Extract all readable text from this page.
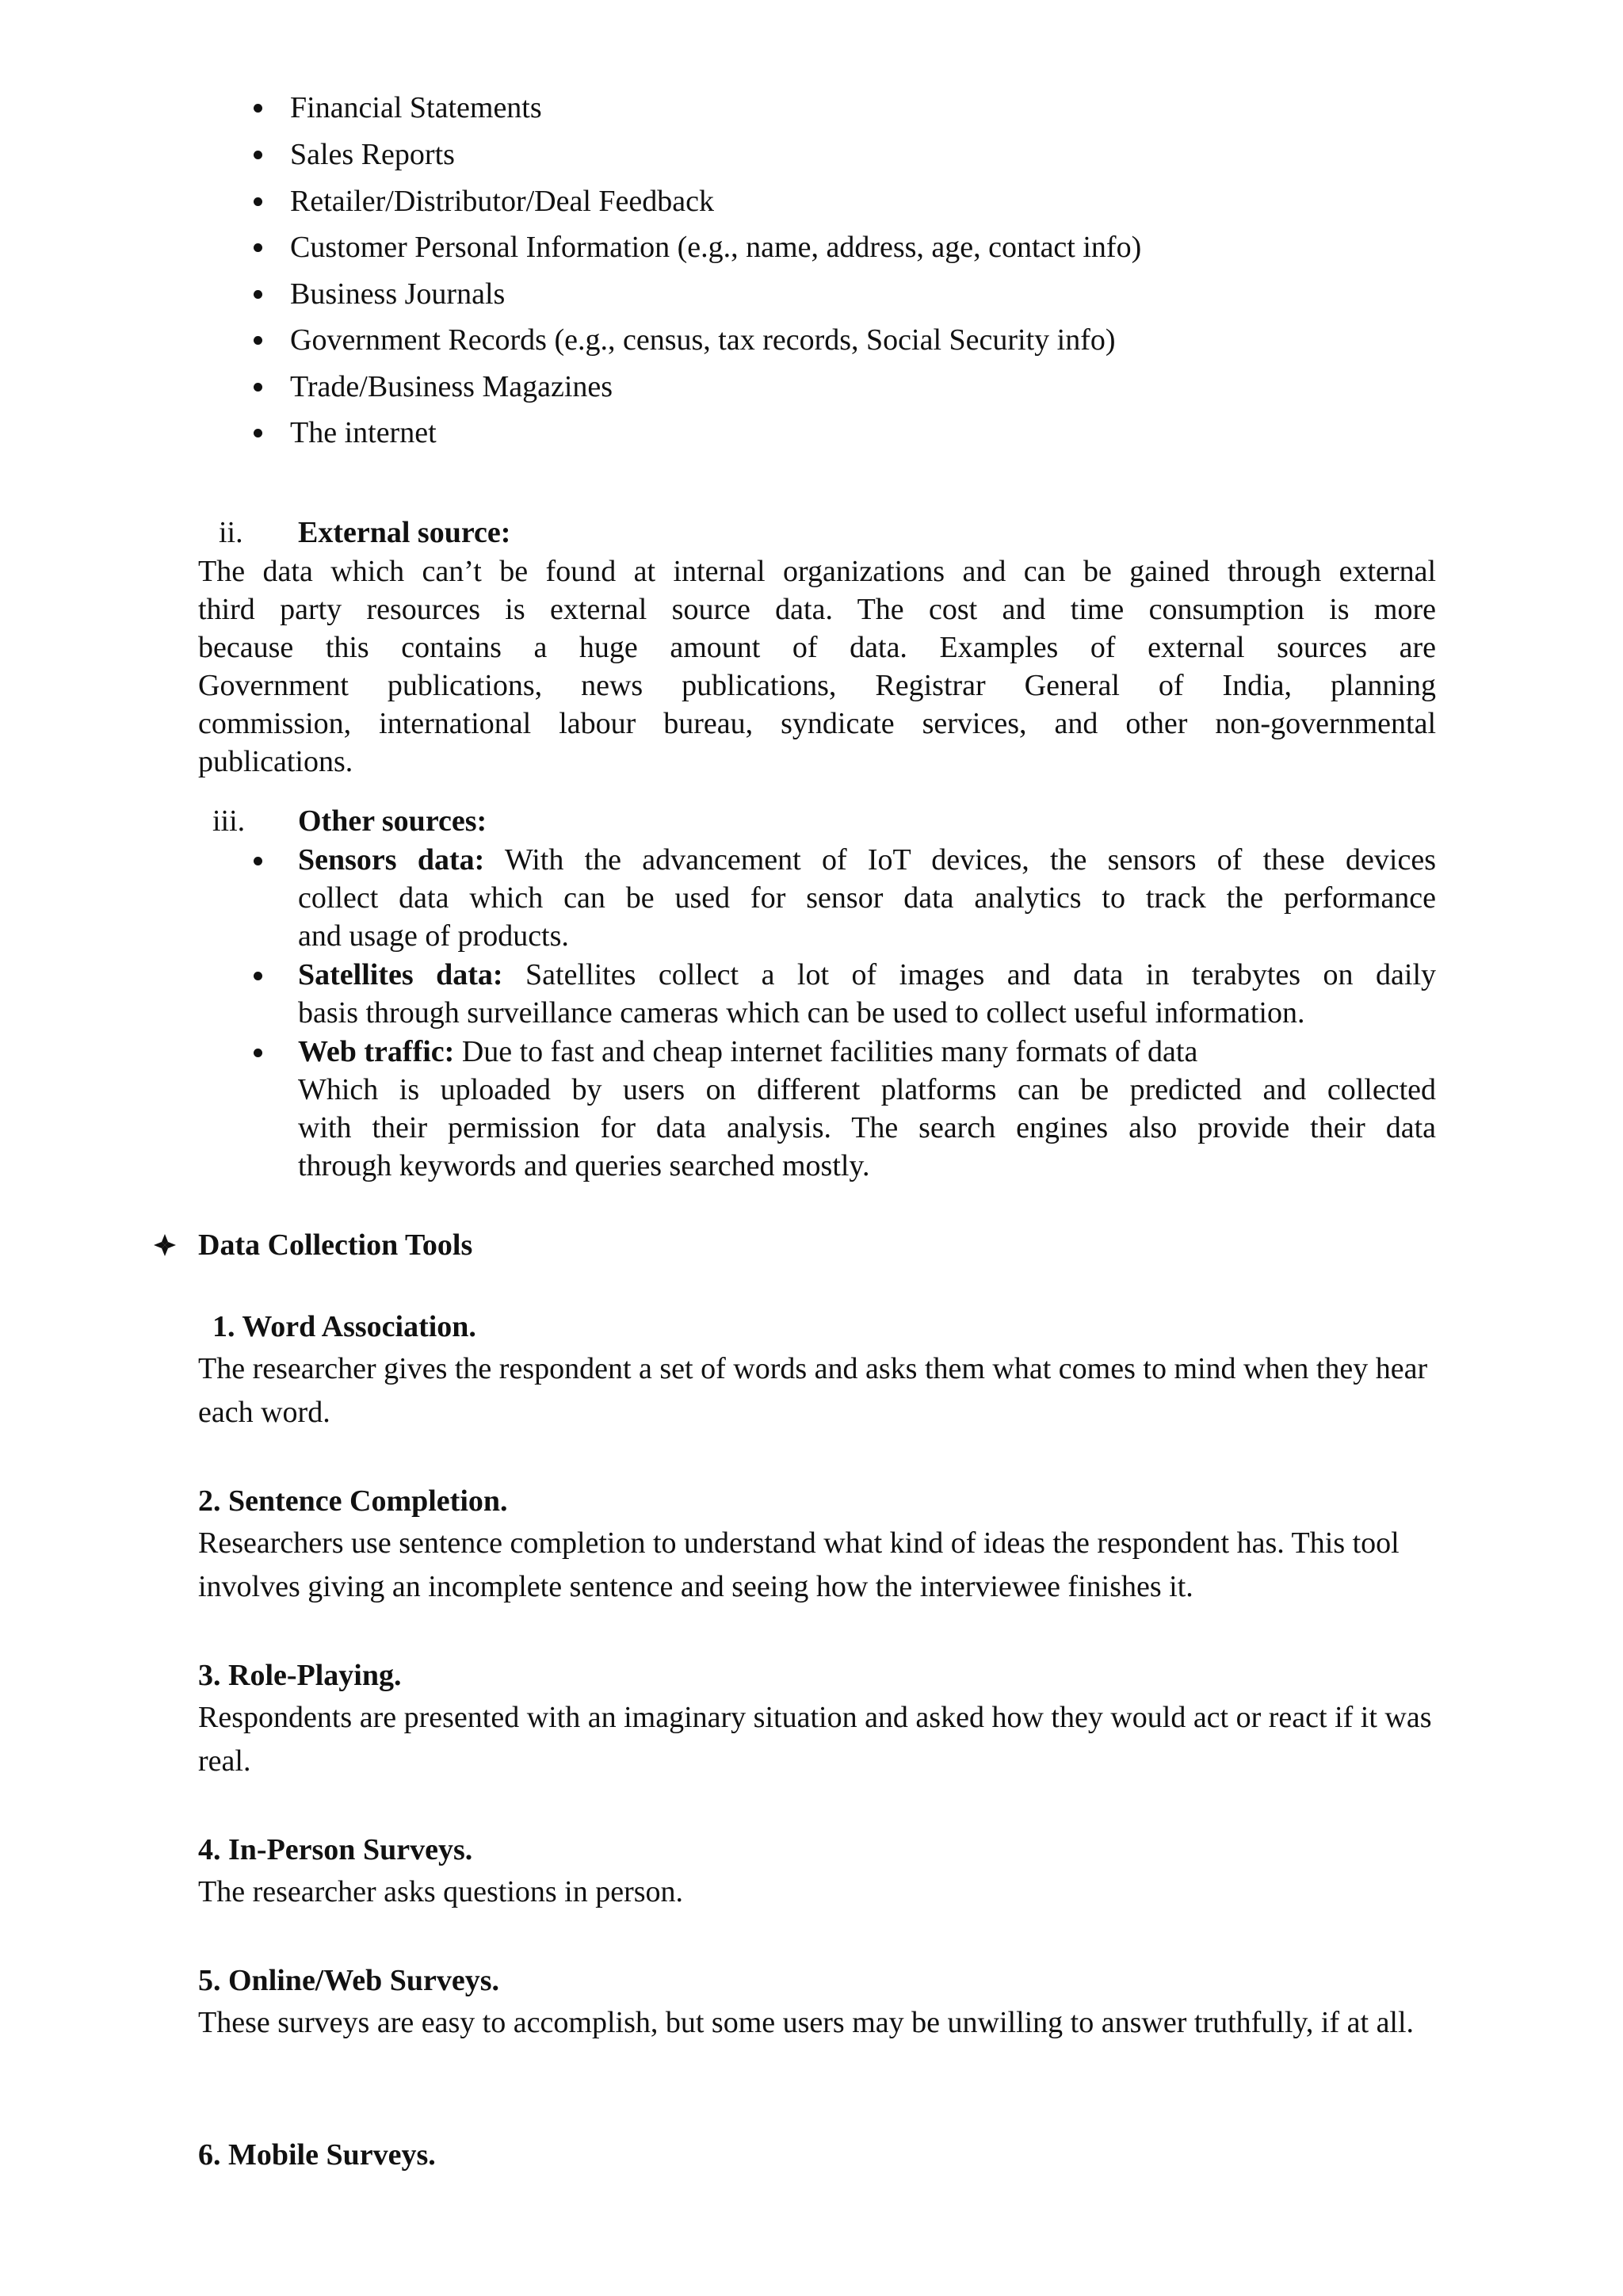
Financial Statements
Sales Reports
Retailer/Distributor/Deal Feedback
Customer Personal Information (e.g., name, address, age, contact info)
Business Journals
Government Records (e.g., census, tax records, Social Security info)
Trade/Business Magazines
The internet
ii. External source:
The data which can’t be found at internal organizations and can be gained through external
third party resources is external source data. The cost and time consumption is more
because this contains a huge amount of data. Examples of external sources are
Government publications, news publications, Registrar General of India, planning
commission, international labour bureau, syndicate services, and other non-governmental
publications.
iii. Other sources:
Sensors data: With the advancement of IoT devices, the sensors of these devices
collect data which can be used for sensor data analytics to track the performance
and usage of products.
Satellites data: Satellites collect a lot of images and data in terabytes on daily
basis through surveillance cameras which can be used to collect useful information.
Web traffic: Due to fast and cheap internet facilities many formats of data
Which is uploaded by users on different platforms can be predicted and collected
with their permission for data analysis. The search engines also provide their data
through keywords and queries searched mostly.
Data Collection Tools
1. Word Association.
The researcher gives the respondent a set of words and asks them what comes to mind when they hear each word.
2. Sentence Completion.
Researchers use sentence completion to understand what kind of ideas the respondent has. This tool involves giving an incomplete sentence and seeing how the interviewee finishes it.
3. Role-Playing.
Respondents are presented with an imaginary situation and asked how they would act or react if it was real.
4. In-Person Surveys.
The researcher asks questions in person.
5. Online/Web Surveys.
These surveys are easy to accomplish, but some users may be unwilling to answer truthfully, if at all.
6. Mobile Surveys.
